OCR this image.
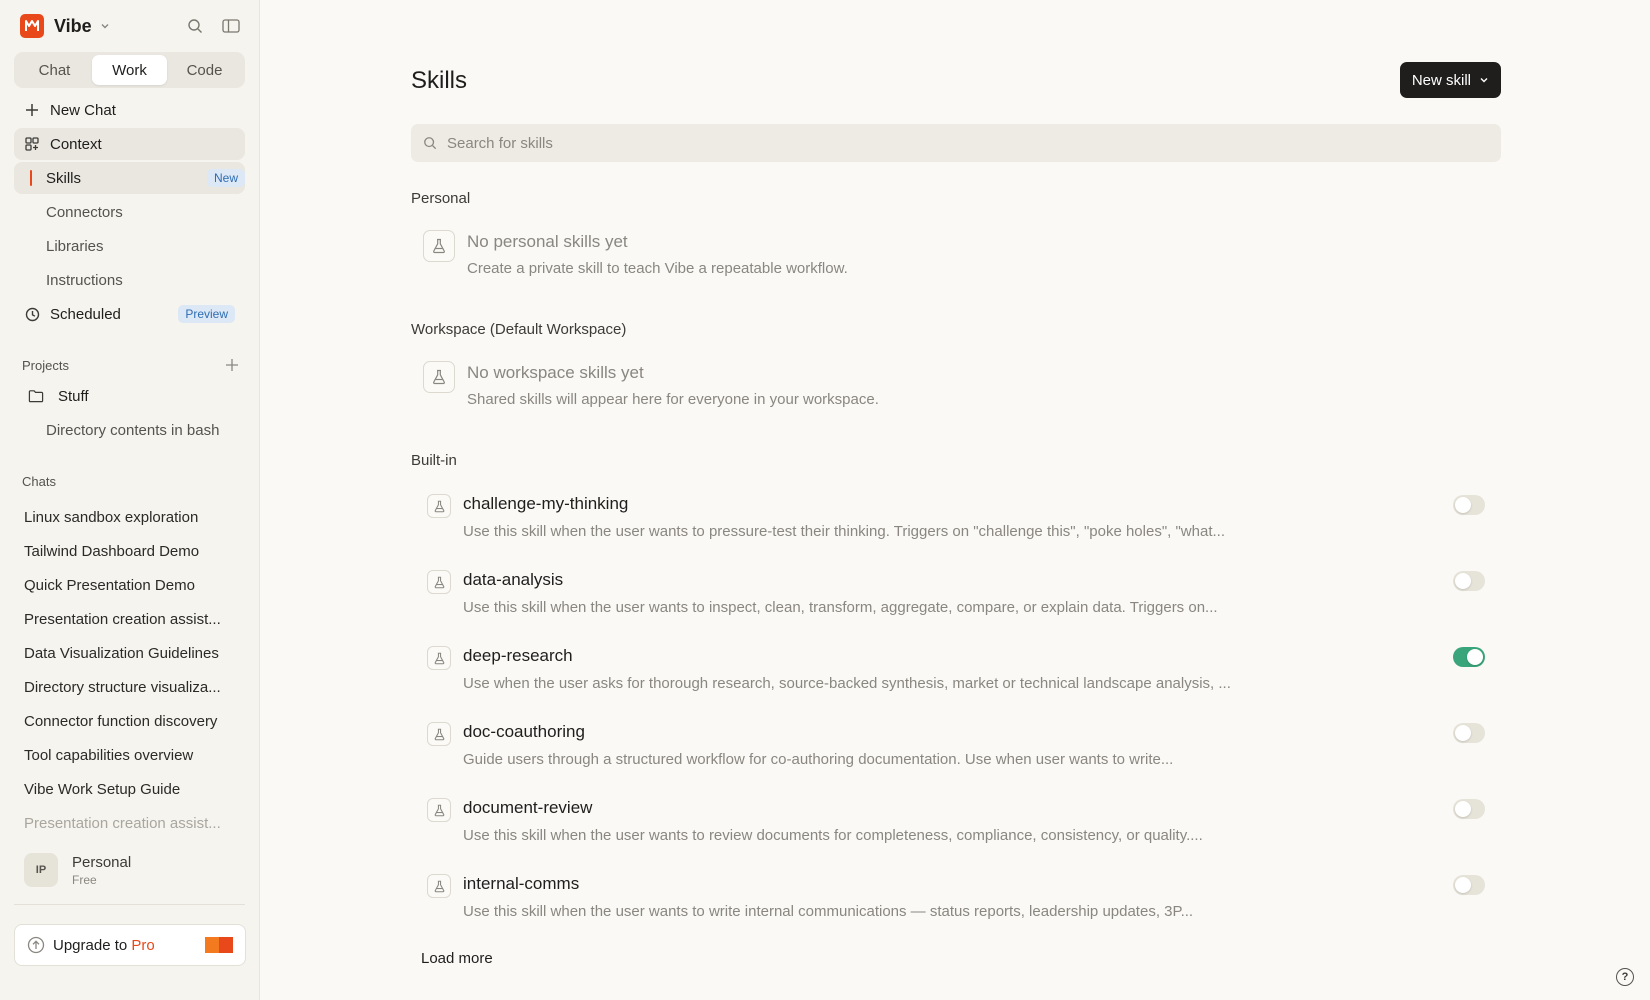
Vibe
Chat	Work	Code
New Chat
Context
Skills	New
Connectors
Libraries
Instructions
Scheduled	Preview
Projects
Stuff
Directory contents in bash
Chats
Linux sandbox exploration
Tailwind Dashboard Demo
Quick Presentation Demo
Presentation creation assist...
Data Visualization Guidelines
Directory structure visualiza...
Connector function discovery
Tool capabilities overview
Vibe Work Setup Guide
Presentation creation assist...
IP	Personal
Free
Upgrade to Pro
Skills	New skill
Search for skills
Personal
No personal skills yet
Create a private skill to teach Vibe a repeatable workflow.
Workspace (Default Workspace)
No workspace skills yet
Shared skills will appear here for everyone in your workspace.
Built-in
challenge-my-thinking
Use this skill when the user wants to pressure-test their thinking. Triggers on "challenge this", "poke holes", "what...
data-analysis
Use this skill when the user wants to inspect, clean, transform, aggregate, compare, or explain data. Triggers on...
deep-research
Use when the user asks for thorough research, source-backed synthesis, market or technical landscape analysis, ...
doc-coauthoring
Guide users through a structured workflow for co-authoring documentation. Use when user wants to write...
document-review
Use this skill when the user wants to review documents for completeness, compliance, consistency, or quality....
internal-comms
Use this skill when the user wants to write internal communications — status reports, leadership updates, 3P...
Load more
?
